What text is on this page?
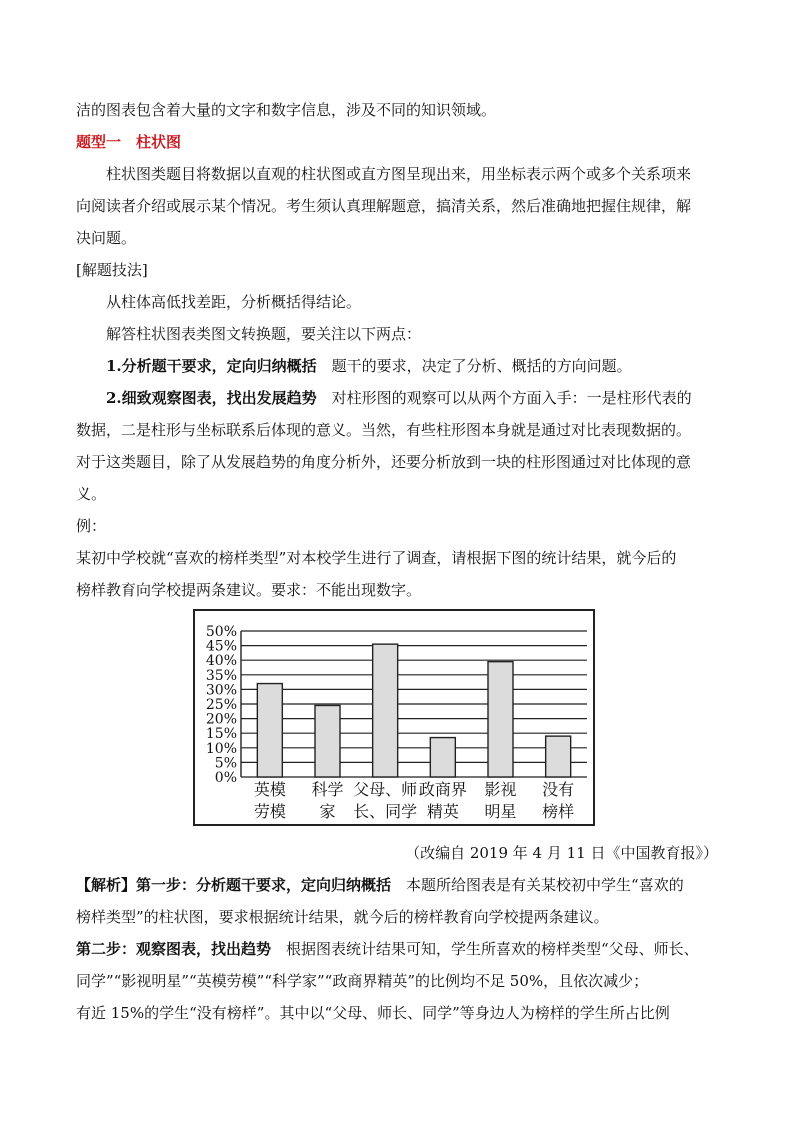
洁的图表包含着大量的文字和数字信息，涉及不同的知识领域。
题型一　柱状图
柱状图类题目将数据以直观的柱状图或直方图呈现出来，用坐标表示两个或多个关系项来
向阅读者介绍或展示某个情况。考生须认真理解题意，搞清关系，然后准确地把握住规律，解
决问题。
[解题技法]
从柱体高低找差距，分析概括得结论。
解答柱状图表类图文转换题，要关注以下两点：
1.分析题干要求，定向归纳概括　题干的要求，决定了分析、概括的方向问题。
2.细致观察图表，找出发展趋势　对柱形图的观察可以从两个方面入手：一是柱形代表的
数据，二是柱形与坐标联系后体现的意义。当然，有些柱形图本身就是通过对比表现数据的。
对于这类题目，除了从发展趋势的角度分析外，还要分析放到一块的柱形图通过对比体现的意
义。
例：
某初中学校就“喜欢的榜样类型”对本校学生进行了调查，请根据下图的统计结果，就今后的
榜样教育向学校提两条建议。要求：不能出现数字。
0%
5%
10%
15%
20%
25%
30%
35%
40%
45%
50%
英模
劳模
科学
家
父母、师
长、同学
政商界
精英
影视
明星
没有
榜样
（改编自 2019 年 4 月 11 日《中国教育报》）
【解析】第一步：分析题干要求，定向归纳概括　本题所给图表是有关某校初中学生“喜欢的
榜样类型”的柱状图，要求根据统计结果，就今后的榜样教育向学校提两条建议。
第二步：观察图表，找出趋势　根据图表统计结果可知，学生所喜欢的榜样类型“父母、师长、
同学”“影视明星”“英模劳模”“科学家”“政商界精英”的比例均不足 50%，且依次减少；
有近 15%的学生“没有榜样”。其中以“父母、师长、同学”等身边人为榜样的学生所占比例
